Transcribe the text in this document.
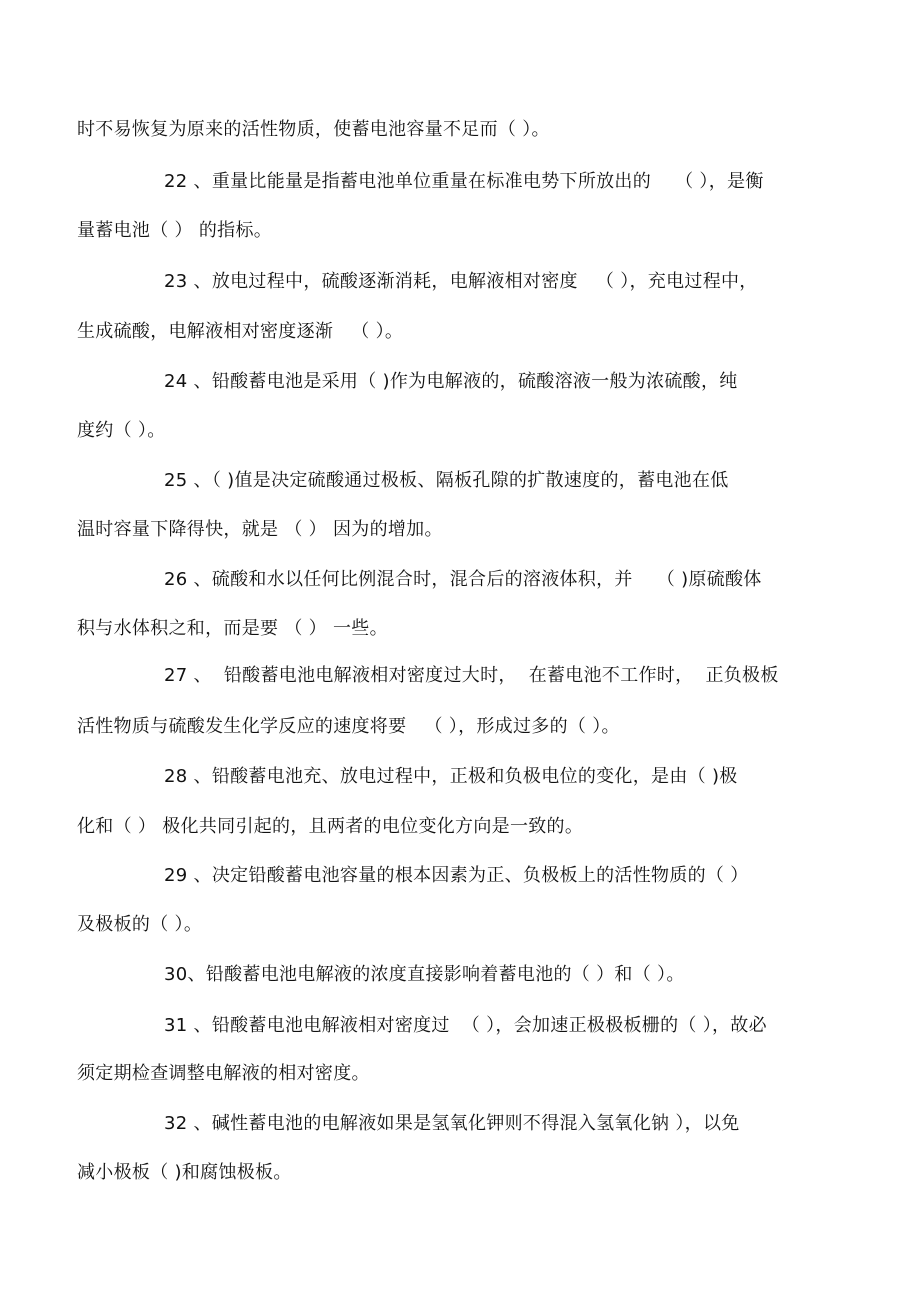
时不易恢复为原来的活性物质，使蓄电池容量不足而（ ）。
22 、重量比能量是指蓄电池单位重量在标准电势下所放出的    （ ），是衡
量蓄电池（ ） 的指标。
23 、放电过程中，硫酸逐渐消耗，电解液相对密度   （ ），充电过程中，
生成硫酸，电解液相对密度逐渐   （ ）。
24 、铅酸蓄电池是采用（ )作为电解液的，硫酸溶液一般为浓硫酸，纯
度约（ ）。
25 、（ )值是决定硫酸通过极板、隔板孔隙的扩散速度的，蓄电池在低
温时容量下降得快，就是 （ ） 因为的增加。
26 、硫酸和水以任何比例混合时，混合后的溶液体积，并    （ )原硫酸体
积与水体积之和，而是要 （ ） 一些。
27 、  铅酸蓄电池电解液相对密度过大时，  在蓄电池不工作时，  正负极板
活性物质与硫酸发生化学反应的速度将要   （ ），形成过多的（ ）。
28 、铅酸蓄电池充、放电过程中，正极和负极电位的变化，是由（ )极
化和（ ） 极化共同引起的，且两者的电位变化方向是一致的。
29 、决定铅酸蓄电池容量的根本因素为正、负极板上的活性物质的（ ）
及极板的（ ）。
30、铅酸蓄电池电解液的浓度直接影响着蓄电池的（ ）和（ ）。
31 、铅酸蓄电池电解液相对密度过  （ ），会加速正极极板栅的（ ），故必
须定期检查调整电解液的相对密度。
32 、碱性蓄电池的电解液如果是氢氧化钾则不得混入氢氧化钠 ），以免
减小极板（ )和腐蚀极板。
